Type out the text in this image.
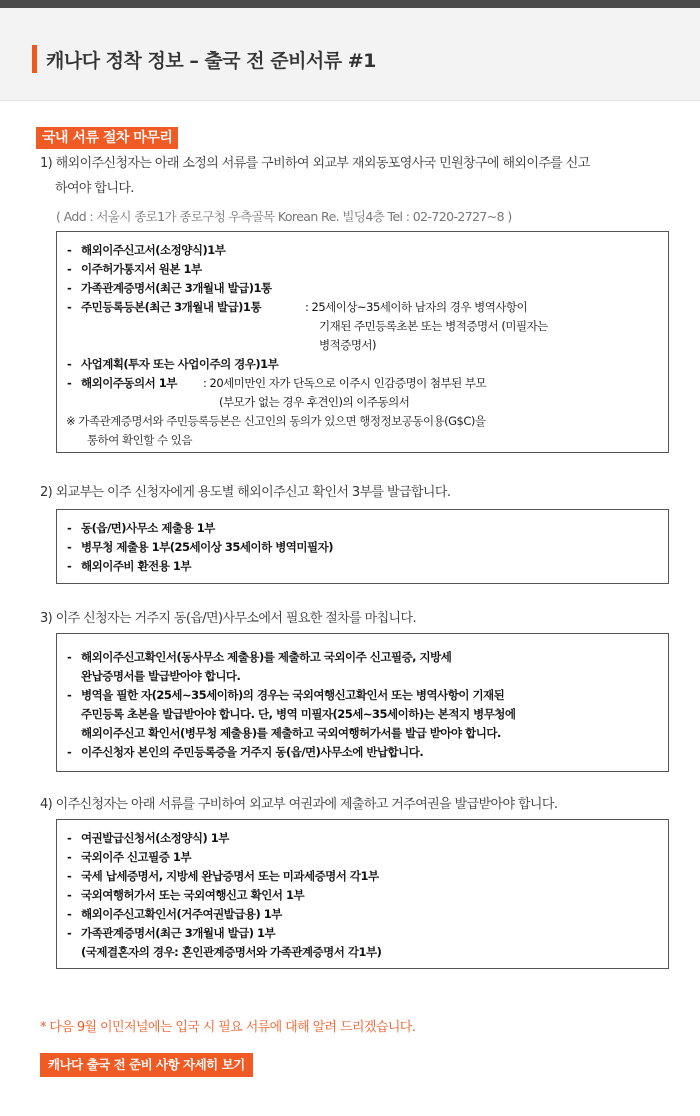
캐나다 정착 정보 – 출국 전 준비서류 #1
국내 서류 절차 마무리
1) 해외이주신청자는 아래 소정의 서류를 구비하여 외교부 재외동포영사국 민원창구에 해외이주를 신고
하여야 합니다.
( Add : 서울시 종로1가 종로구청 우측골목 Korean Re. 빌딩4층 Tel : 02-720-2727~8 )
- 해외이주신고서(소정양식)1부
- 이주허가통지서 원본 1부
- 가족관계증명서(최근 3개월내 발급)1통
- 주민등록등본(최근 3개월내 발급)1통	: 25세이상~35세이하 남자의 경우 병역사항이
기재된 주민등록초본 또는 병적증명서 (미필자는
병적증명서)
- 사업계획(투자 또는 사업이주의 경우)1부
- 해외이주동의서 1부 : 20세미만인 자가 단독으로 이주시 인감증명이 첨부된 부모
(부모가 없는 경우 후견인)의 이주동의서
※ 가족관계증명서와 주민등록등본은 신고인의 동의가 있으면 행정정보공동이용(G$C)을
통하여 확인할 수 있음
2) 외교부는 이주 신청자에게 용도별 해외이주신고 확인서 3부를 발급합니다.
- 동(읍/면)사무소 제출용 1부
- 병무청 제출용 1부(25세이상 35세이하 병역미필자)
- 해외이주비 환전용 1부
3) 이주 신청자는 거주지 동(읍/면)사무소에서 필요한 절차를 마칩니다.
- 해외이주신고확인서(동사무소 제출용)를 제출하고 국외이주 신고필증, 지방세
완납증명서를 발급받아야 합니다.
- 병역을 필한 자(25세~35세이하)의 경우는 국외여행신고확인서 또는 병역사항이 기재된
주민등록 초본을 발급받아야 합니다. 단, 병역 미필자(25세~35세이하)는 본적지 병무청에
해외이주신고 확인서(병무청 제출용)를 제출하고 국외여행허가서를 발급 받아야 합니다.
- 이주신청자 본인의 주민등록증을 거주지 동(읍/면)사무소에 반납합니다.
4) 이주신청자는 아래 서류를 구비하여 외교부 여권과에 제출하고 거주여권을 발급받아야 합니다.
- 여권발급신청서(소정양식) 1부
- 국외이주 신고필증 1부
- 국세 납세증명서, 지방세 완납증명서 또는 미과세증명서 각1부
- 국외여행허가서 또는 국외여행신고 확인서 1부
- 해외이주신고확인서(거주여권발급용) 1부
- 가족관계증명서(최근 3개월내 발급) 1부
(국제결혼자의 경우: 혼인관계증명서와 가족관계증명서 각1부)
* 다음 9월 이민저널에는 입국 시 필요 서류에 대해 알려 드리겠습니다.
캐나다 출국 전 준비 사항 자세히 보기
